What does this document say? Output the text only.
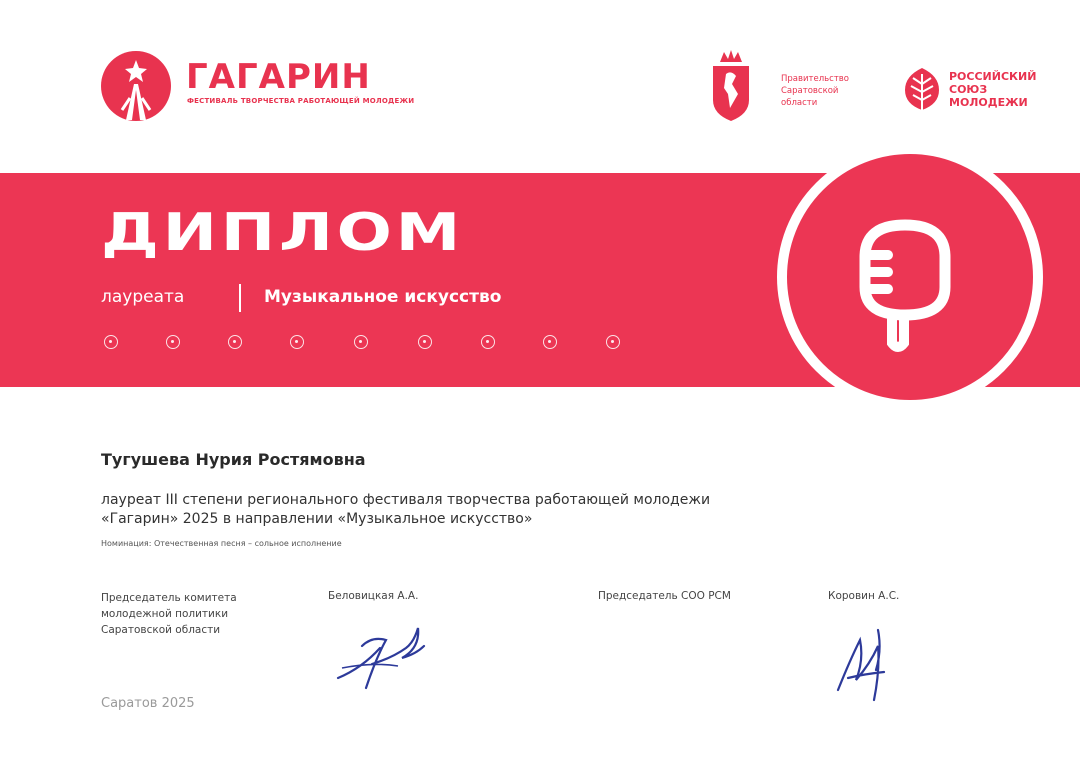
ГАГАРИН
ФЕСТИВАЛЬ ТВОРЧЕСТВА РАБОТАЮЩЕЙ МОЛОДЕЖИ
Правительство
Саратовской
области
РОССИЙСКИЙ
СОЮЗ
МОЛОДЕЖИ
ДИПЛОМ
лауреата	Музыкальное искусство
Тугушева Нурия Ростямовна
лауреат III степени регионального фестиваля творчества работающей молодежи «Гагарин» 2025 в направлении «Музыкальное искусство»
Номинация: Отечественная песня – сольное исполнение
Председатель комитета
молодежной политики
Саратовской области
Беловицкая А.А.	Председатель СОО РСМ	Коровин А.С.
Саратов 2025
